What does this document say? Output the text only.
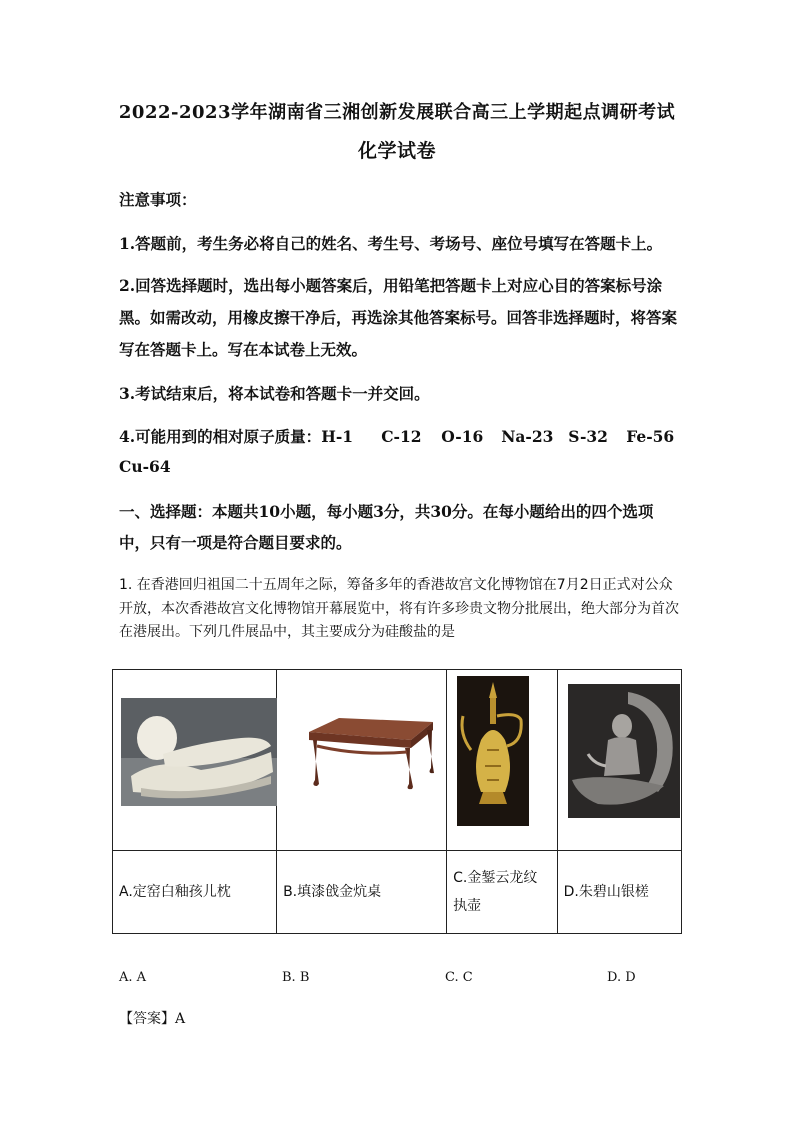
2022-2023学年湖南省三湘创新发展联合高三上学期起点调研考试
化学试卷
注意事项：
1.答题前，考生务必将自己的姓名、考生号、考场号、座位号填写在答题卡上。
2.回答选择题时，选出每小题答案后，用铅笔把答题卡上对应心目的答案标号涂黑。如需改动，用橡皮擦干净后，再选涂其他答案标号。回答非选择题时，将答案写在答题卡上。写在本试卷上无效。
3.考试结束后，将本试卷和答题卡一并交回。
4.可能用到的相对原子质量：H-1 C-12 O-16 Na-23 S-32 Fe-56
Cu-64
一、选择题：本题共10小题，每小题3分，共30分。在每小题给出的四个选项中，只有一项是符合题目要求的。
1. 在香港回归祖国二十五周年之际，筹备多年的香港故宫文化博物馆在7月2日正式对公众开放，本次香港故宫文化博物馆开幕展览中，将有许多珍贵文物分批展出，绝大部分为首次在港展出。下列几件展品中，其主要成分为硅酸盐的是

A.定窑白釉孩儿枕	B.填漆戗金炕桌	C.金錾云龙纹执壶	D.朱碧山银槎
A. A	B. B	C. C	D. D
【答案】A
